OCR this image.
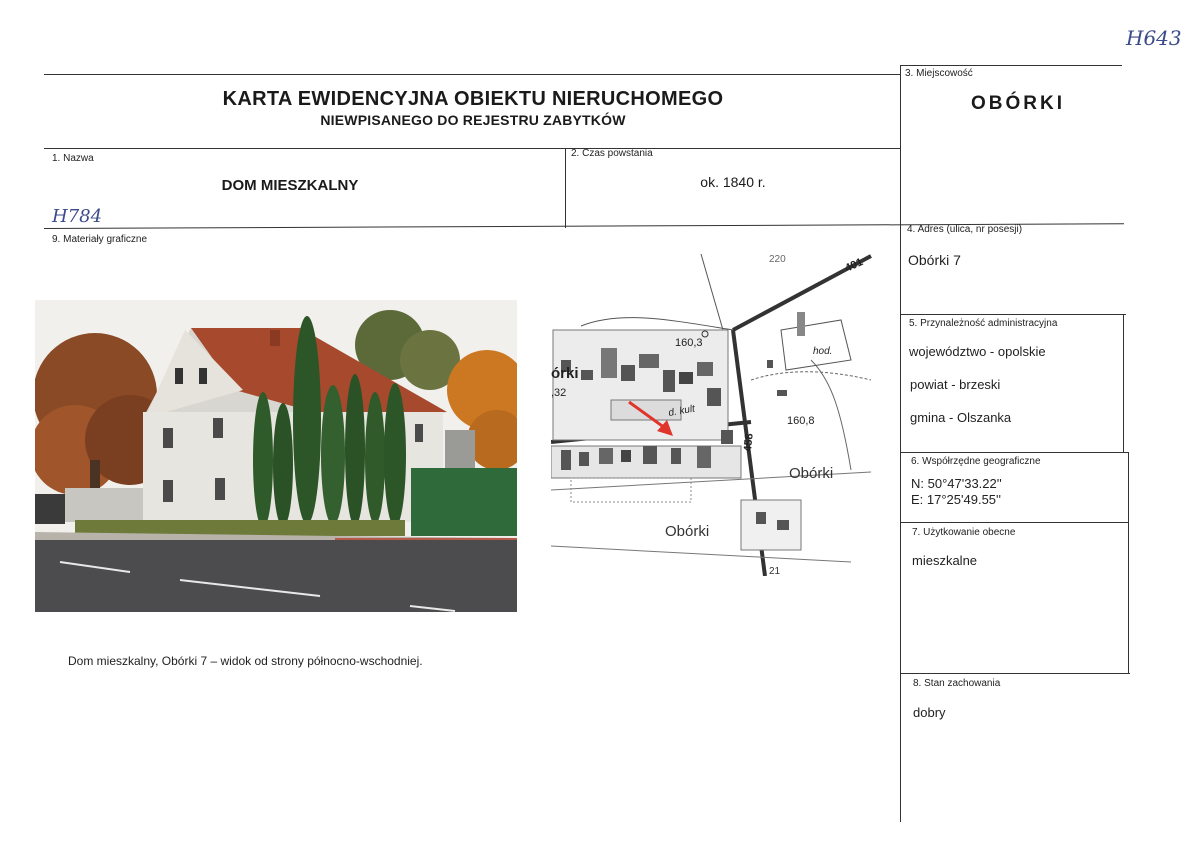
H643
H784
KARTA EWIDENCYJNA OBIEKTU NIERUCHOMEGO
NIEWPISANEGO DO REJESTRU ZABYTKÓW
3. Miejscowość
OBÓRKI
1. Nazwa
DOM MIESZKALNY
2. Czas powstania
ok. 1840 r.
9. Materiały graficzne
220	401
160,3
órki
,32
hod.
d. kult
160,8
458
Obórki
Obórki
21
Dom mieszkalny, Obórki 7 – widok od strony północno-wschodniej.
4. Adres (ulica, nr posesji)
Obórki 7
5. Przynależność administracyjna
województwo - opolskie
powiat - brzeski
gmina - Olszanka
6. Współrzędne geograficzne
N: 50°47'33.22''
E: 17°25'49.55''
7. Użytkowanie obecne
mieszkalne
8. Stan zachowania
dobry
